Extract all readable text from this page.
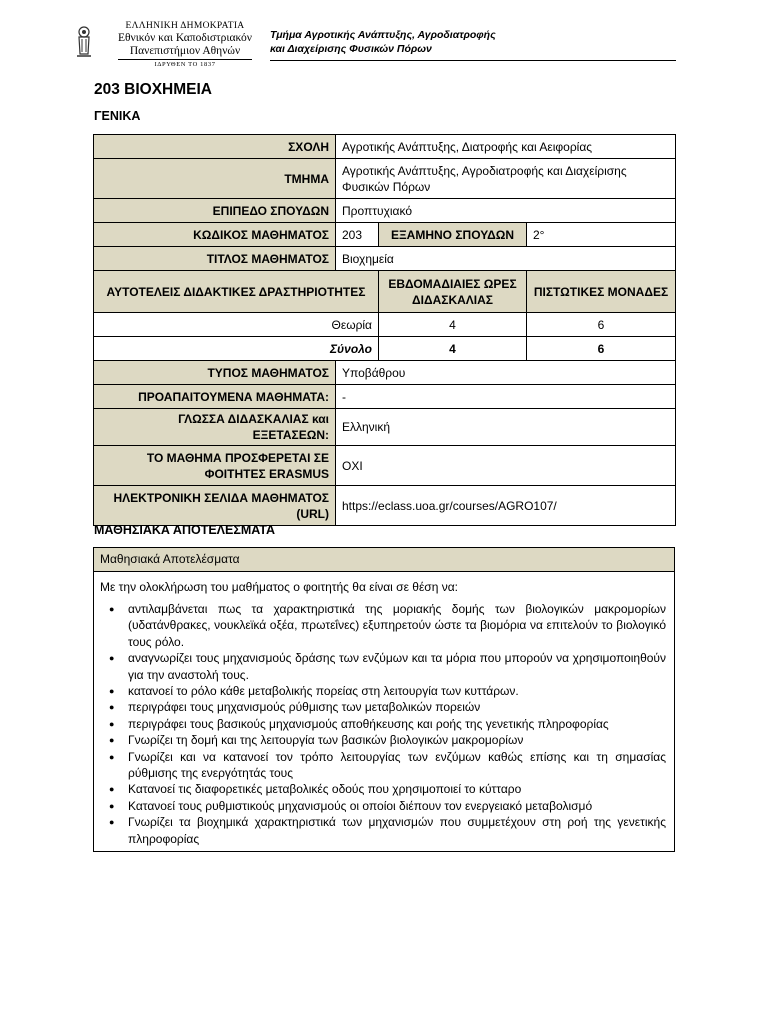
ΕΛΛΗΝΙΚΗ ΔΗΜΟΚΡΑΤΙΑ
Εθνικόν και Καποδιστριακόν
Πανεπιστήμιον Αθηνών
ΙΔΡΥΘΕΝ ΤΟ 1837
Τμήμα Αγροτικής Ανάπτυξης, Αγροδιατροφής
και Διαχείρισης Φυσικών Πόρων
203 ΒΙΟΧΗΜΕΙΑ
ΓΕΝΙΚΑ
ΣΧΟΛΗ	Αγροτικής Ανάπτυξης, Διατροφής και Αειφορίας		
ΤΜΗΜΑ	Αγροτικής Ανάπτυξης, Αγροδιατροφής και Διαχείρισης Φυσικών Πόρων		
ΕΠΙΠΕΔΟ ΣΠΟΥΔΩΝ	Προπτυχιακό		
ΚΩΔΙΚΟΣ ΜΑΘΗΜΑΤΟΣ	203	ΕΞΑΜΗΝΟ ΣΠΟΥΔΩΝ	2°
ΤΙΤΛΟΣ ΜΑΘΗΜΑΤΟΣ	Βιοχημεία		
ΑΥΤΟΤΕΛΕΙΣ ΔΙΔΑΚΤΙΚΕΣ ΔΡΑΣΤΗΡΙΟΤΗΤΕΣ		ΕΒΔΟΜΑΔΙΑΙΕΣ ΩΡΕΣ ΔΙΔΑΣΚΑΛΙΑΣ	ΠΙΣΤΩΤΙΚΕΣ ΜΟΝΑΔΕΣ
Θεωρία		4	6
Σύνολο		4	6
ΤΥΠΟΣ ΜΑΘΗΜΑΤΟΣ	Υποβάθρου		
ΠΡΟΑΠΑΙΤΟΥΜΕΝΑ ΜΑΘΗΜΑΤΑ:	-		
ΓΛΩΣΣΑ ΔΙΔΑΣΚΑΛΙΑΣ και ΕΞΕΤΑΣΕΩΝ:	Ελληνική		
ΤΟ ΜΑΘΗΜΑ ΠΡΟΣΦΕΡΕΤΑΙ ΣΕ ΦΟΙΤΗΤΕΣ ERASMUS	ΟΧΙ		
ΗΛΕΚΤΡΟΝΙΚΗ ΣΕΛΙΔΑ ΜΑΘΗΜΑΤΟΣ (URL)	https://eclass.uoa.gr/courses/AGRO107/		
ΜΑΘΗΣΙΑΚΑ ΑΠΟΤΕΛΕΣΜΑΤΑ
Μαθησιακά Αποτελέσματα
Με την ολοκλήρωση του μαθήματος ο φοιτητής θα είναι σε θέση να:
● αντιλαμβάνεται πως τα χαρακτηριστικά της μοριακής δομής των βιολογικών μακρομορίων (υδατάνθρακες, νουκλεϊκά οξέα, πρωτεΐνες) εξυπηρετούν ώστε τα βιομόρια να επιτελούν το βιολογικό τους ρόλο.
● αναγνωρίζει τους μηχανισμούς δράσης των ενζύμων και τα μόρια που μπορούν να χρησιμοποιηθούν για την αναστολή τους.
● κατανοεί το ρόλο κάθε μεταβολικής πορείας στη λειτουργία των κυττάρων.
● περιγράφει τους μηχανισμούς ρύθμισης των μεταβολικών πορειών
● περιγράφει τους βασικούς μηχανισμούς αποθήκευσης και ροής της γενετικής πληροφορίας
● Γνωρίζει τη δομή και της λειτουργία των βασικών βιολογικών μακρομορίων
● Γνωρίζει και να κατανοεί τον τρόπο λειτουργίας των ενζύμων καθώς επίσης και τη σημασίας ρύθμισης της ενεργότητάς τους
● Κατανοεί τις διαφορετικές μεταβολικές οδούς που χρησιμοποιεί το κύτταρο
● Κατανοεί τους ρυθμιστικούς μηχανισμούς οι οποίοι διέπουν τον ενεργειακό μεταβολισμό
● Γνωρίζει τα βιοχημικά χαρακτηριστικά των μηχανισμών που συμμετέχουν στη ροή της γενετικής πληροφορίας
